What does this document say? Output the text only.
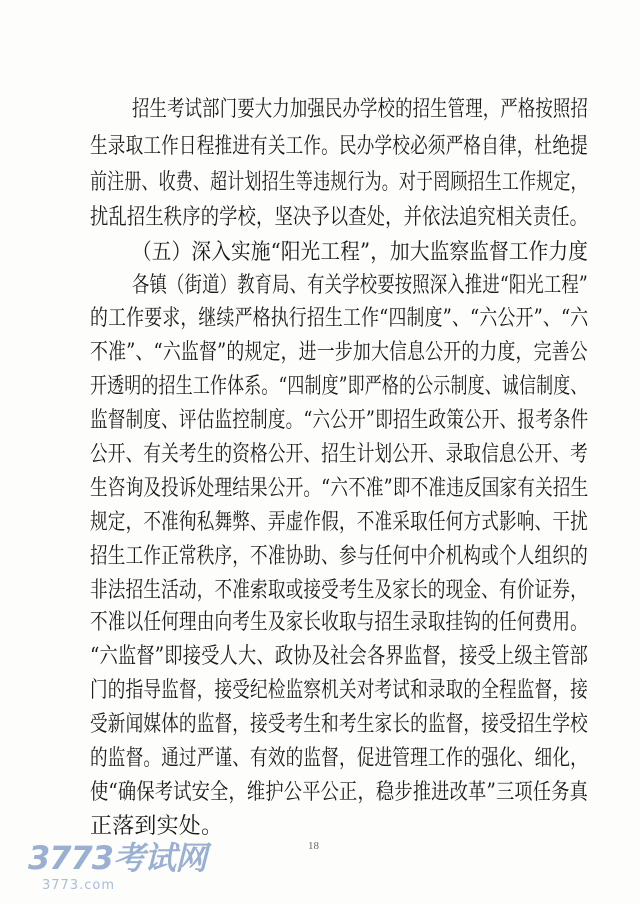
招生考试部门要大力加强民办学校的招生管理，严格按照招
生录取工作日程推进有关工作。民办学校必须严格自律，杜绝提
前注册、收费、超计划招生等违规行为。对于罔顾招生工作规定，
扰乱招生秩序的学校，坚决予以查处，并依法追究相关责任。
（五）深入实施“阳光工程”，加大监察监督工作力度
各镇（街道）教育局、有关学校要按照深入推进“阳光工程”
的工作要求，继续严格执行招生工作“四制度”、“六公开”、“六
不准”、“六监督”的规定，进一步加大信息公开的力度，完善公
开透明的招生工作体系。“四制度”即严格的公示制度、诚信制度、
监督制度、评估监控制度。“六公开”即招生政策公开、报考条件
公开、有关考生的资格公开、招生计划公开、录取信息公开、考
生咨询及投诉处理结果公开。“六不准”即不准违反国家有关招生
规定，不准徇私舞弊、弄虚作假，不准采取任何方式影响、干扰
招生工作正常秩序，不准协助、参与任何中介机构或个人组织的
非法招生活动，不准索取或接受考生及家长的现金、有价证券，
不准以任何理由向考生及家长收取与招生录取挂钩的任何费用。
“六监督”即接受人大、政协及社会各界监督，接受上级主管部
门的指导监督，接受纪检监察机关对考试和录取的全程监督，接
受新闻媒体的监督，接受考生和考生家长的监督，接受招生学校
的监督。通过严谨、有效的监督，促进管理工作的强化、细化，
使“确保考试安全，维护公平公正，稳步推进改革”三项任务真
正落到实处。
18
3773考试网
3773.com
